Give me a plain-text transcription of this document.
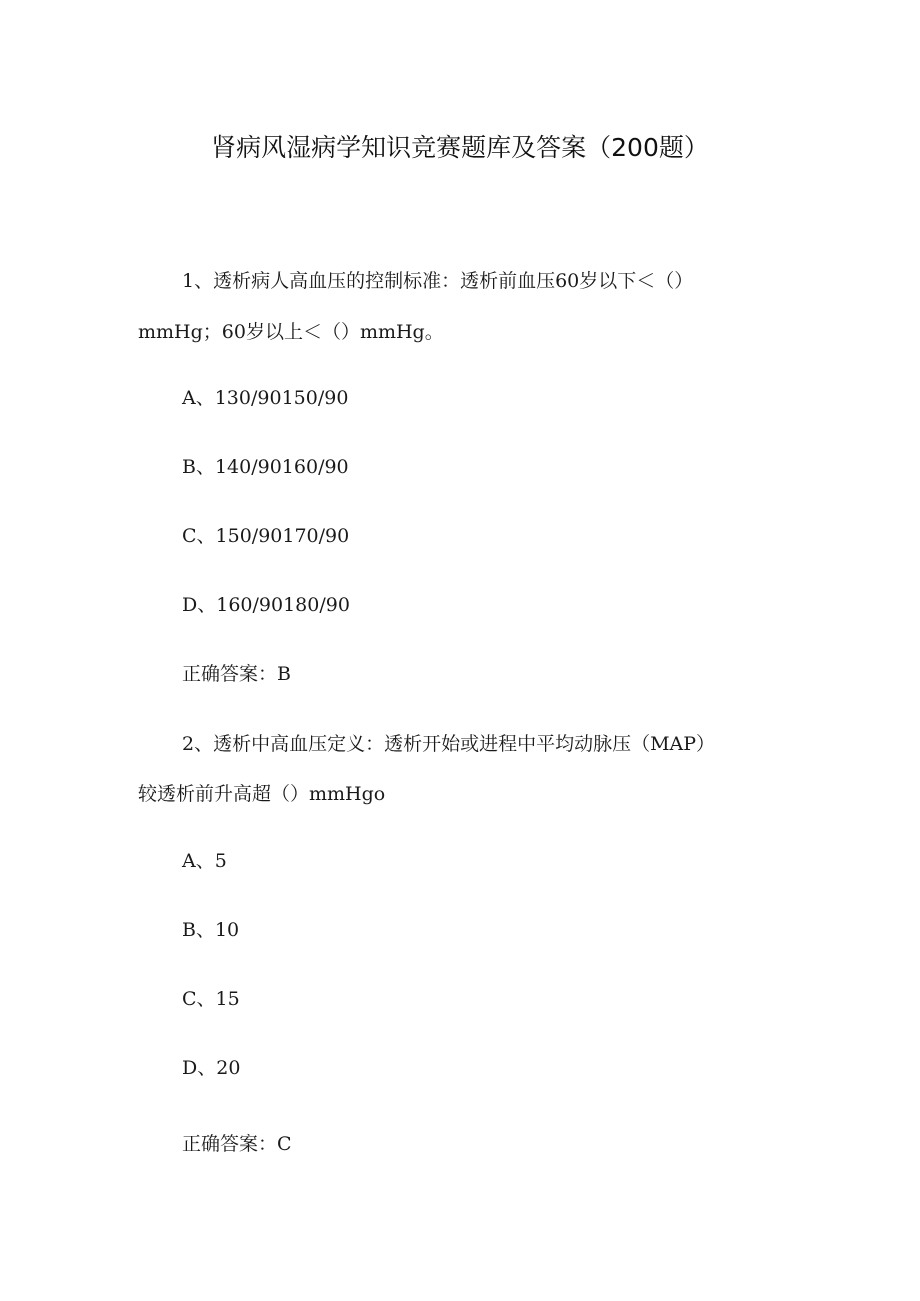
肾病风湿病学知识竞赛题库及答案（200题）
1、透析病人高血压的控制标准：透析前血压60岁以下＜（）
mmHg；60岁以上＜（）mmHg。
A、130/90150/90
B、140/90160/90
C、150/90170/90
D、160/90180/90
正确答案：B
2、透析中高血压定义：透析开始或进程中平均动脉压（MAP）
较透析前升高超（）mmHgo
A、5
B、10
C、15
D、20
正确答案：C
